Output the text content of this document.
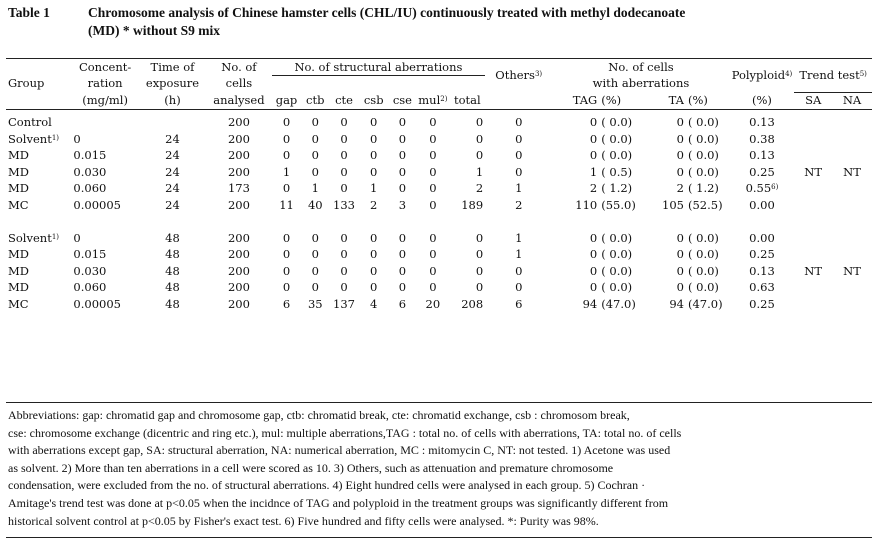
Table 1	Chromosome analysis of Chinese hamster cells (CHL/IU) continuously treated with methyl dodecanoate
(MD) * without S9 mix

Group	Concent-	Time of	No. of	No. of structural aberrations							Others$^{3)}$	No. of cells				Polyploid$^{4)}$	Trend test$^{5)}$
	ration	exposure	cells									with aberrations						
	(mg/ml)	(h)	analysed	gap	ctb	cte	csb	cse	mul$^{2)}$	total		TAG	(%)	TA	(%)	(%)	SA	NA

Control			200	0	0	0	0	0	0	0	0	0	( 0.0)	0	( 0.0)	0.13		
Solvent$^{1)}$	0	24	200	0	0	0	0	0	0	0	0	0	( 0.0)	0	( 0.0)	0.38		
MD	0.015	24	200	0	0	0	0	0	0	0	0	0	( 0.0)	0	( 0.0)	0.13		
MD	0.030	24	200	1	0	0	0	0	0	1	0	1	( 0.5)	0	( 0.0)	0.25	NT	NT
MD	0.060	24	173	0	1	0	1	0	0	2	1	2	( 1.2)	2	( 1.2)	0.55$^{6)}$		
MC	0.00005	24	200	11	40	133	2	3	0	189	2	110	(55.0)	105	(52.5)	0.00		

Solvent$^{1)}$	0	48	200	0	0	0	0	0	0	0	1	0	( 0.0)	0	( 0.0)	0.00		
MD	0.015	48	200	0	0	0	0	0	0	0	1	0	( 0.0)	0	( 0.0)	0.25		
MD	0.030	48	200	0	0	0	0	0	0	0	0	0	( 0.0)	0	( 0.0)	0.13	NT	NT
MD	0.060	48	200	0	0	0	0	0	0	0	0	0	( 0.0)	0	( 0.0)	0.63		
MC	0.00005	48	200	6	35	137	4	6	20	208	6	94	(47.0)	94	(47.0)	0.25		

Abbreviations: gap: chromatid gap and chromosome gap, ctb: chromatid break, cte: chromatid exchange, csb : chromosom break,

cse: chromosome exchange (dicentric and ring etc.), mul: multiple aberrations,TAG : total no. of cells with aberrations, TA: total no. of cells

with aberrations except gap, SA: structural aberration, NA: numerical aberration, MC : mitomycin C, NT: not tested. 1) Acetone was used

as solvent. 2) More than ten aberrations in a cell were scored as 10. 3) Others, such as attenuation and premature chromosome

condensation, were excluded from the no. of structural aberrations. 4) Eight hundred cells were analysed in each group. 5) Cochran ·

Amitage's trend test was done at p<0.05 when the incidnce of TAG and polyploid in the treatment groups was significantly different from

historical solvent control at p<0.05 by Fisher's exact test. 6) Five hundred and fifty cells were analysed. *: Purity was 98%.
